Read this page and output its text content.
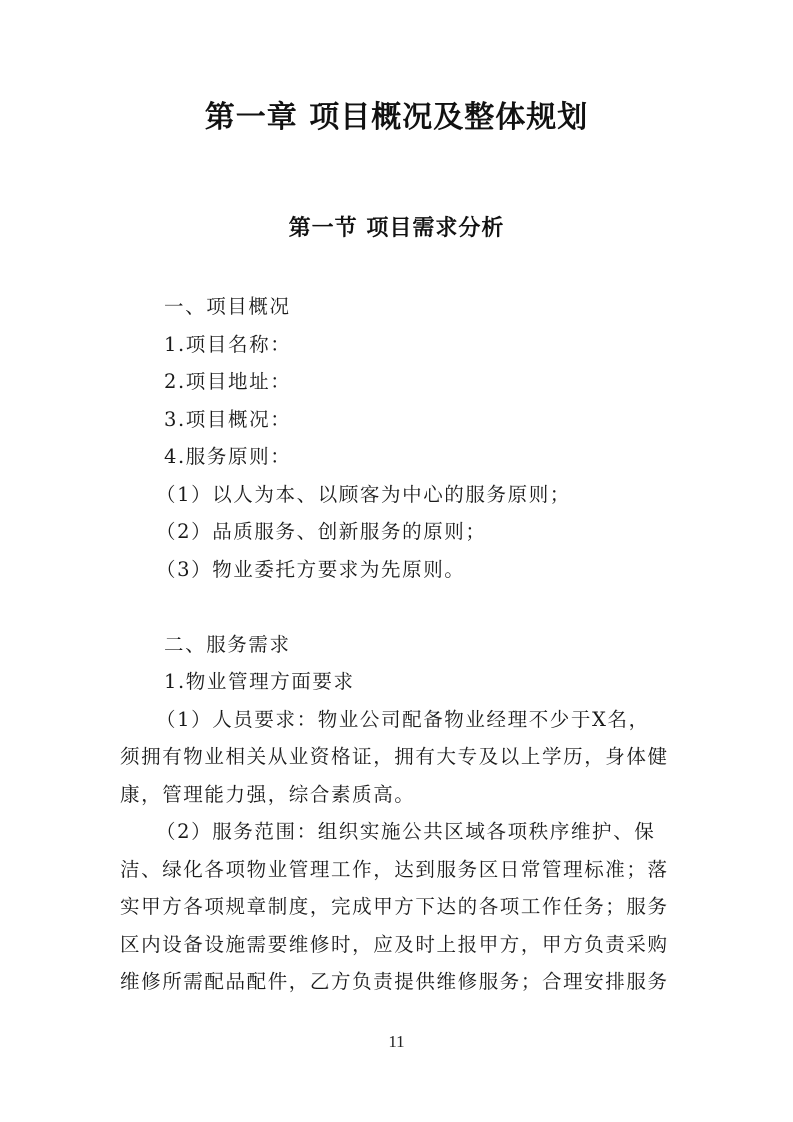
第一章 项目概况及整体规划
第一节 项目需求分析
一、项目概况
1.项目名称：
2.项目地址：
3.项目概况：
4.服务原则：
（1）以人为本、以顾客为中心的服务原则；
（2）品质服务、创新服务的原则；
（3）物业委托方要求为先原则。
二、服务需求
1.物业管理方面要求
（1）人员要求：物业公司配备物业经理不少于X名，
须拥有物业相关从业资格证，拥有大专及以上学历，身体健
康，管理能力强，综合素质高。
（2）服务范围：组织实施公共区域各项秩序维护、保
洁、绿化各项物业管理工作，达到服务区日常管理标准；落
实甲方各项规章制度，完成甲方下达的各项工作任务；服务
区内设备设施需要维修时，应及时上报甲方，甲方负责采购
维修所需配品配件，乙方负责提供维修服务；合理安排服务
11
